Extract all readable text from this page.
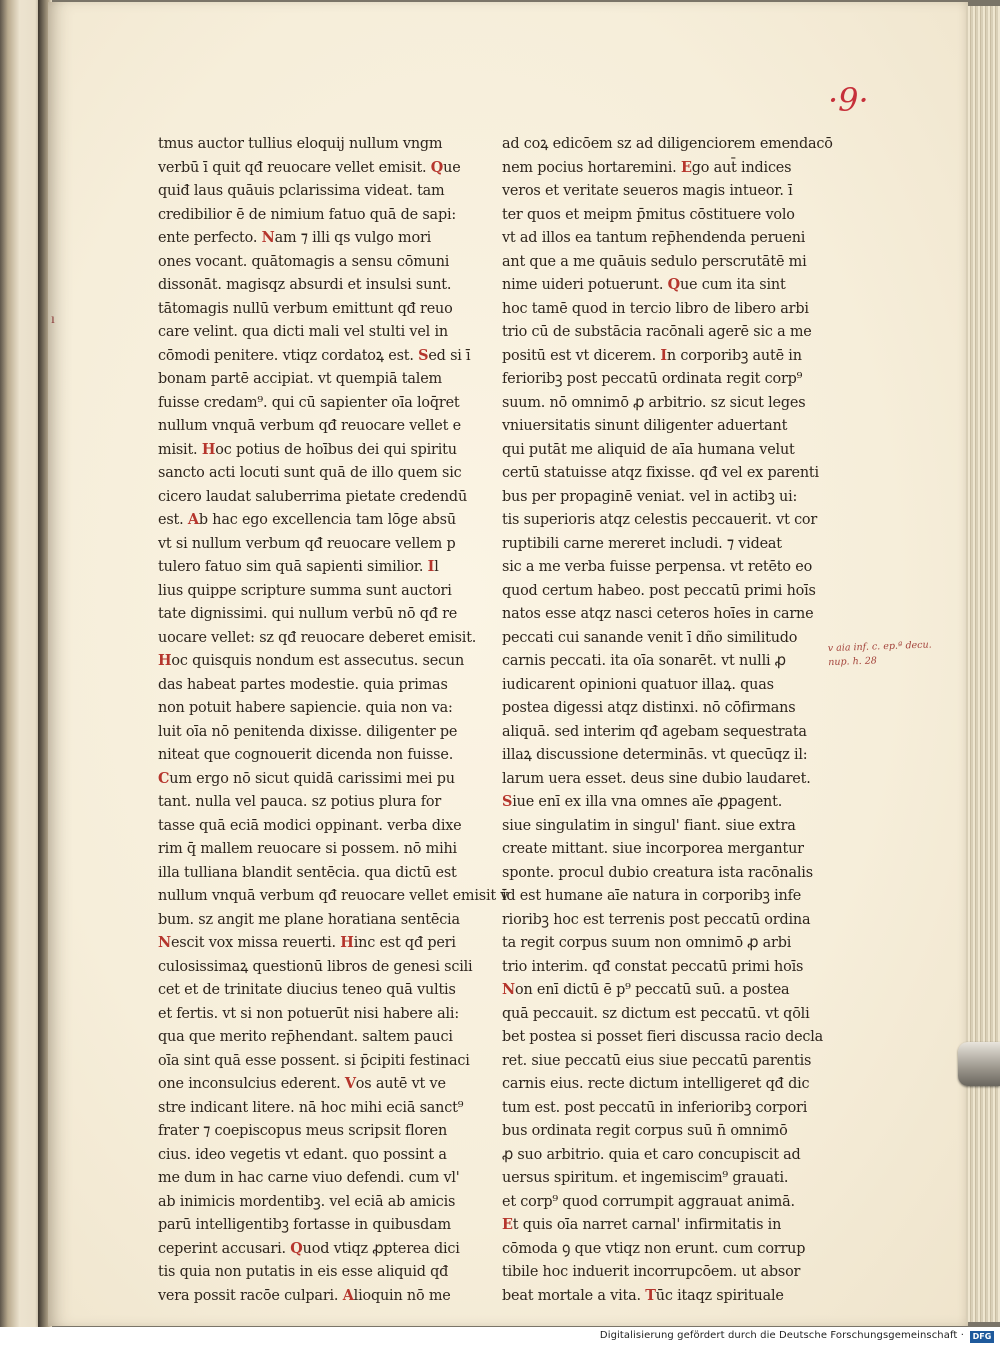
·9·
ı
tmus auctor tullius eloquij nullum vngm
verbū ī quit qđ reuocare vellet emisit. Que
quiđ laus quāuis pclarissima videat. tam
credibilior ē de nimium fatuo quā de sapi:
ente perfecto. Nam ⁊ illi qs vulgo mori
ones vocant. quātomagis a sensu cōmuni
dissonāt. magisqz absurdi et insulsi sunt.
tātomagis nullū verbum emittunt qđ reuo
care velint. qua dicti mali vel stulti vel in
cōmodi penitere. vtiqz cordatoꝝ est. Sed si ī
bonam partē accipiat. vt quempiā talem
fuisse credam⁹. qui cū sapienter oīa loq̄ret
nullum vnquā verbum qđ reuocare vellet e
misit. Hoc potius de hoībus dei qui spiritu
sancto acti locuti sunt quā de illo quem sic
cicero laudat saluberrima pietate credendū
est. Ab hac ego excellencia tam lōge absū
vt si nullum verbum qđ reuocare vellem p
tulero fatuo sim quā sapienti similior. Il
lius quippe scripture summa sunt auctori
tate dignissimi. qui nullum verbū nō qđ re
uocare vellet: sz qđ reuocare deberet emisit.
Hoc quisquis nondum est assecutus. secun
das habeat partes modestie. quia primas
non potuit habere sapiencie. quia non va:
luit oīa nō penitenda dixisse. diligenter pe
niteat que cognouerit dicenda non fuisse.
Cum ergo nō sicut quidā carissimi mei pu
tant. nulla vel pauca. sz potius plura for
tasse quā eciā modici oppinant. verba dixe
rim q̄ mallem reuocare si possem. nō mihi
illa tulliana blandit sentēcia. qua dictū est
nullum vnquā verbum qđ reuocare vellet emisit v̄
bum. sz angit me plane horatiana sentēcia
Nescit vox missa reuerti. Hinc est qđ peri
culosissimaꝝ questionū libros de genesi scili
cet et de trinitate diucius teneo quā vultis
et fertis. vt si non potuerūt nisi habere ali:
qua que merito rep̄hendant. saltem pauci
oīa sint quā esse possent. si p̄cipiti festinaci
one inconsulcius ederent. Vos autē vt ve
stre indicant litere. nā hoc mihi eciā sanct⁹
frater ⁊ coepiscopus meus scripsit floren
cius. ideo vegetis vt edant. quo possint a
me dum in hac carne viuo defendi. cum vl'
ab inimicis mordentibꝫ. vel eciā ab amicis
parū intelligentibꝫ fortasse in quibusdam
ceperint accusari. Quod vtiqz ꝓpterea dici
tis quia non putatis in eis esse aliquid qđ
vera possit racōe culpari. Alioquin nō me
ad coꝝ edicōem sz ad diligenciorem emendacō
nem pocius hortaremini. Ego aut̄ indices
veros et veritate seueros magis intueor. ī
ter quos et meipm p̄mitus cōstituere volo
vt ad illos ea tantum rep̄hendenda perueni
ant que a me quāuis sedulo perscrutātē mi
nime uideri potuerunt. Que cum ita sint
hoc tamē quod in tercio libro de libero arbi
trio cū de substācia racōnali agerē sic a me
positū est vt dicerem. In corporibꝫ autē in
ferioribꝫ post peccatū ordinata regit corp⁹
suum. nō omnimō ꝓ arbitrio. sz sicut leges
vniuersitatis sinunt diligenter aduertant
qui putāt me aliquid de aīa humana velut
certū statuisse atqz fixisse. qđ vel ex parenti
bus per propaginē veniat. vel in actibꝫ ui:
tis superioris atqz celestis peccauerit. vt cor
ruptibili carne mereret includi. ⁊ videat
sic a me verba fuisse perpensa. vt retēto eo
quod certum habeo. post peccatū primi hoīs
natos esse atqz nasci ceteros hoīes in carne
peccati cui sanande venit ī dño similitudo
carnis peccati. ita oīa sonarēt. vt nulli ꝓ
iudicarent opinioni quatuor illaꝝ. quas
postea digessi atqz distinxi. nō cōfirmans
aliquā. sed interim qđ agebam sequestrata
illaꝝ discussione determinās. vt quecūqz il:
larum uera esset. deus sine dubio laudaret.
Siue enī ex illa vna omnes aīe ꝓpagent.
siue singulatim in singul' fiant. siue extra
create mittant. siue incorporea mergantur
sponte. procul dubio creatura ista racōnalis
id est humane aīe natura in corporibꝫ infe
rioribꝫ hoc est terrenis post peccatū ordina
ta regit corpus suum non omnimō ꝓ arbi
trio interim. qđ constat peccatū primi hoīs
Non enī dictū ē p⁹ peccatū suū. a postea
quā peccauit. sz dictum est peccatū. vt qōli
bet postea si posset fieri discussa racio decla
ret. siue peccatū eius siue peccatū parentis
carnis eius. recte dictum intelligeret qđ dic
tum est. post peccatū in inferioribꝫ corpori
bus ordinata regit corpus suū n̄ omnimō
ꝓ suo arbitrio. quia et caro concupiscit ad
uersus spiritum. et ingemiscim⁹ grauati.
et corp⁹ quod corrumpit aggrauat animā.
Et quis oīa narret carnal' infirmitatis in
cōmoda ꝯ que vtiqz non erunt. cum corrup
tibile hoc induerit incorrupcōem. ut absor
beat mortale a vita. Tūc itaqz spirituale
v aia inf. c. ep.ª decu. nup. h. 28
Digitalisierung gefördert durch die Deutsche Forschungsgemeinschaft ·	DFG
